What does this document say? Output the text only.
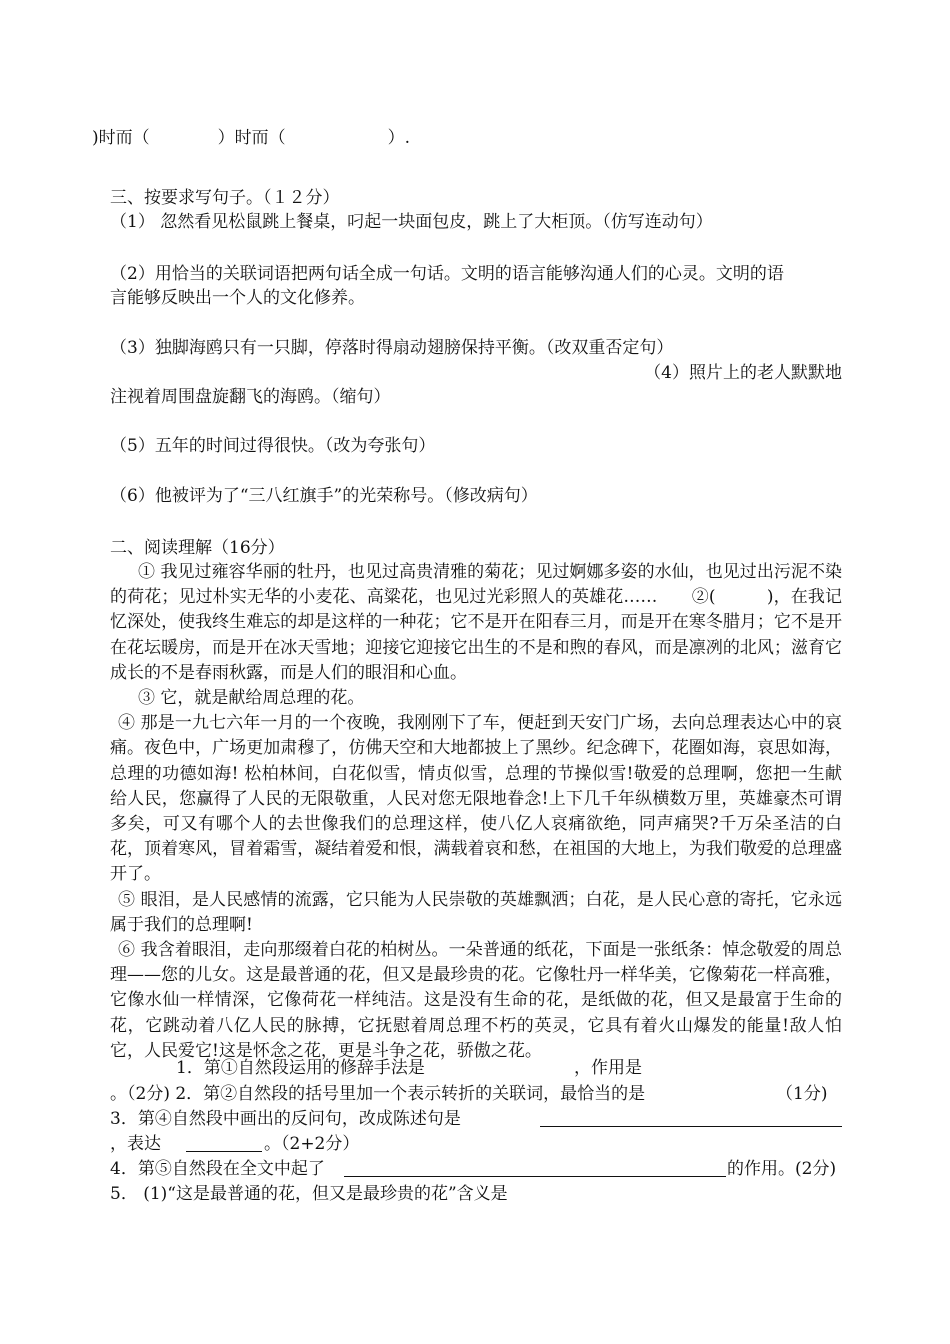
)时而（　　　　）时而（　　　　　　）.
三、按要求写句子。（１２分）
（1） 忽然看见松鼠跳上餐桌，叼起一块面包皮，跳上了大柜顶。（仿写连动句）
（2）用恰当的关联词语把两句话全成一句话。文明的语言能够沟通人们的心灵。文明的语
言能够反映出一个人的文化修养。
（3）独脚海鸥只有一只脚，停落时得扇动翅膀保持平衡。（改双重否定句）
（4）照片上的老人默默地
注视着周围盘旋翻飞的海鸥。（缩句）
（5）五年的时间过得很快。（改为夸张句）
（6）他被评为了“三八红旗手”的光荣称号。（修改病句）
二、阅读理解（16分）

① 我见过雍容华丽的牡丹，也见过高贵清雅的菊花；见过婀娜多姿的水仙，也见过出污泥不染的荷花；见过朴实无华的小麦花、高粱花，也见过光彩照人的英雄花……　　②(　　　)，在我记忆深处，使我终生难忘的却是这样的一种花；它不是开在阳春三月，而是开在寒冬腊月；它不是开在花坛暖房，而是开在冰天雪地；迎接它迎接它出生的不是和煦的春风，而是凛冽的北风；滋育它成长的不是春雨秋露，而是人们的眼泪和心血。

③ 它，就是献给周总理的花。

④ 那是一九七六年一月的一个夜晚，我刚刚下了车，便赶到天安门广场，去向总理表达心中的哀痛。夜色中，广场更加肃穆了，仿佛天空和大地都披上了黑纱。纪念碑下，花圈如海，哀思如海，总理的功德如海! 松柏林间，白花似雪，情贞似雪，总理的节操似雪!敬爱的总理啊，您把一生献给人民，您赢得了人民的无限敬重，人民对您无限地眷念!上下几千年纵横数万里，英雄豪杰可谓多矣，可又有哪个人的去世像我们的总理这样，使八亿人哀痛欲绝，同声痛哭?千万朵圣洁的白花，顶着寒风，冒着霜雪，凝结着爱和恨，满载着哀和愁，在祖国的大地上，为我们敬爱的总理盛开了。

⑤ 眼泪，是人民感情的流露，它只能为人民崇敬的英雄飘洒；白花，是人民心意的寄托，它永远属于我们的总理啊!

⑥ 我含着眼泪，走向那缀着白花的柏树丛。一朵普通的纸花，下面是一张纸条：悼念敬爱的周总理——您的儿女。这是最普通的花，但又是最珍贵的花。它像牡丹一样华美，它像菊花一样高雅，它像水仙一样情深，它像荷花一样纯洁。这是没有生命的花，是纸做的花，但又是最富于生命的花，它跳动着八亿人民的脉搏，它抚慰着周总理不朽的英灵，它具有着火山爆发的能量!敌人怕它，人民爱它!这是怀念之花，更是斗争之花，骄傲之花。

1．第①自然段运用的修辞手法是	，作用是
。（2分) 2．第②自然段的括号里加一个表示转折的关联词，最恰当的是	（1分)
3．第④自然段中画出的反问句，改成陈述句是
，表达	。（2+2分）
4．第⑤自然段在全文中起了	的作用。(2分)
5． (1)“这是最普通的花，但又是最珍贵的花”含义是
